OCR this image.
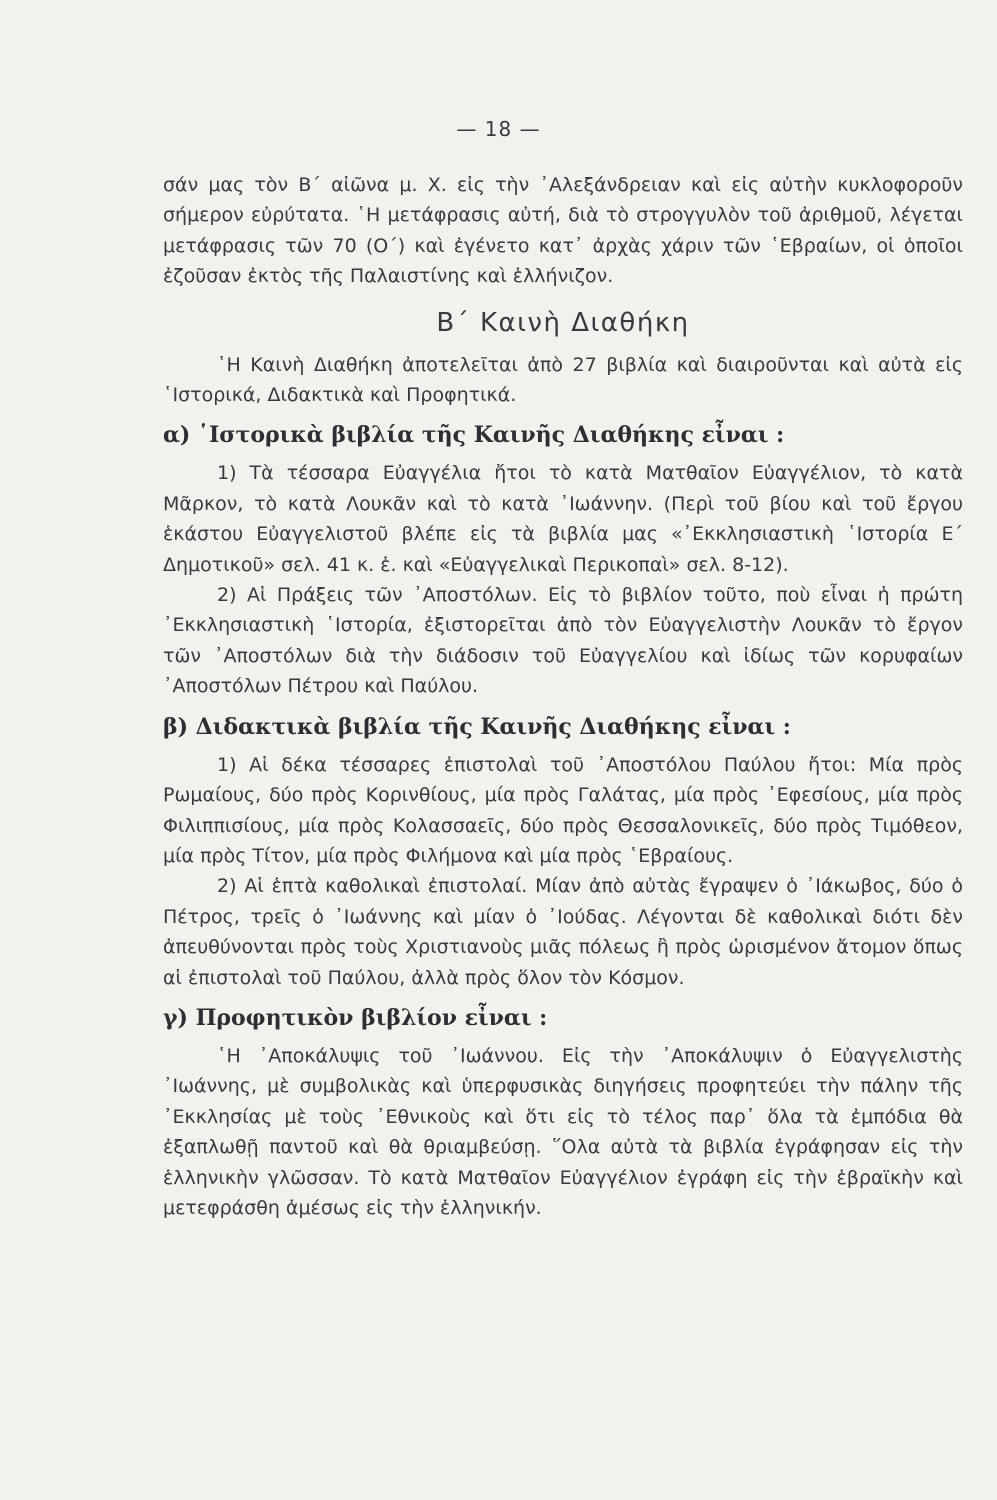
— 18 —

σάν μας τὸν Β´ αἰῶνα μ. Χ. εἰς τὴν ᾿Αλεξάνδρειαν καὶ εἰς αὐτὴν κυκλοφοροῦν σήμερον εὐρύτατα. ῾Η μετάφρασις αὐτή, διὰ τὸ στρογγυλὸν τοῦ ἀριθμοῦ, λέγεται μετάφρασις τῶν 70 (Ο´) καὶ ἐγένετο κατ᾿ ἀρχὰς χάριν τῶν ῾Εβραίων, οἱ ὁποῖοι ἐζοῦσαν ἐκτὸς τῆς Παλαιστίνης καὶ ἑλλήνιζον.

Β´ Καινὴ Διαθήκη

῾Η Καινὴ Διαθήκη ἀποτελεῖται ἀπὸ 27 βιβλία καὶ διαιροῦνται καὶ αὐτὰ εἰς ῾Ιστορικά, Διδακτικὰ καὶ Προφητικά.

α) ῾Ιστορικὰ βιβλία τῆς Καινῆς Διαθήκης εἶναι :

1) Τὰ τέσσαρα Εὐαγγέλια ἤτοι τὸ κατὰ Ματθαῖον Εὐαγγέλιον, τὸ κατὰ Μᾶρκον, τὸ κατὰ Λουκᾶν καὶ τὸ κατὰ ᾿Ιωάννην. (Περὶ τοῦ βίου καὶ τοῦ ἔργου ἑκάστου Εὐαγγελιστοῦ βλέπε εἰς τὰ βιβλία μας «᾿Εκκλησιαστικὴ ῾Ιστορία Ε´ Δημοτικοῦ» σελ. 41 κ. ἑ. καὶ «Εὐαγγελικαὶ Περικοπαὶ» σελ. 8-12).

2) Αἱ Πράξεις τῶν ᾿Αποστόλων. Εἰς τὸ βιβλίον τοῦτο, ποὺ εἶναι ἡ πρώτη ᾿Εκκλησιαστικὴ ῾Ιστορία, ἐξιστορεῖται ἀπὸ τὸν Εὐαγγελιστὴν Λουκᾶν τὸ ἔργον τῶν ᾿Αποστόλων διὰ τὴν διάδοσιν τοῦ Εὐαγγελίου καὶ ἰδίως τῶν κορυφαίων ᾿Αποστόλων Πέτρου καὶ Παύλου.

β) Διδακτικὰ βιβλία τῆς Καινῆς Διαθήκης εἶναι :

1) Αἱ δέκα τέσσαρες ἐπιστολαὶ τοῦ ᾿Αποστόλου Παύλου ἤτοι: Μία πρὸς Ρωμαίους, δύο πρὸς Κορινθίους, μία πρὸς Γαλάτας, μία πρὸς ᾿Εφεσίους, μία πρὸς Φιλιππισίους, μία πρὸς Κολασσαεῖς, δύο πρὸς Θεσσαλονικεῖς, δύο πρὸς Τιμόθεον, μία πρὸς Τίτον, μία πρὸς Φιλήμονα καὶ μία πρὸς ῾Εβραίους.

2) Αἱ ἑπτὰ καθολικαὶ ἐπιστολαί. Μίαν ἀπὸ αὐτὰς ἔγραψεν ὁ ᾿Ιάκωβος, δύο ὁ Πέτρος, τρεῖς ὁ ᾿Ιωάννης καὶ μίαν ὁ ᾿Ιούδας. Λέγονται δὲ καθολικαὶ διότι δὲν ἀπευθύνονται πρὸς τοὺς Χριστιανοὺς μιᾶς πόλεως ἢ πρὸς ὡρισμένον ἄτομον ὅπως αἱ ἐπιστολαὶ τοῦ Παύλου, ἀλλὰ πρὸς ὅλον τὸν Κόσμον.

γ) Προφητικὸν βιβλίον εἶναι :

῾Η ᾿Αποκάλυψις τοῦ ᾿Ιωάννου. Εἰς τὴν ᾿Αποκάλυψιν ὁ Εὐαγγελιστὴς ᾿Ιωάννης, μὲ συμβολικὰς καὶ ὑπερφυσικὰς διηγήσεις προφητεύει τὴν πάλην τῆς ᾿Εκκλησίας μὲ τοὺς ᾿Εθνικοὺς καὶ ὅτι εἰς τὸ τέλος παρ᾿ ὅλα τὰ ἐμπόδια θὰ ἐξαπλωθῇ παντοῦ καὶ θὰ θριαμβεύσῃ. ῞Ολα αὐτὰ τὰ βιβλία ἐγράφησαν εἰς τὴν ἑλληνικὴν γλῶσσαν. Τὸ κατὰ Ματθαῖον Εὐαγγέλιον ἐγράφη εἰς τὴν ἑβραϊκὴν καὶ μετεφράσθη ἀμέσως εἰς τὴν ἑλληνικήν.
